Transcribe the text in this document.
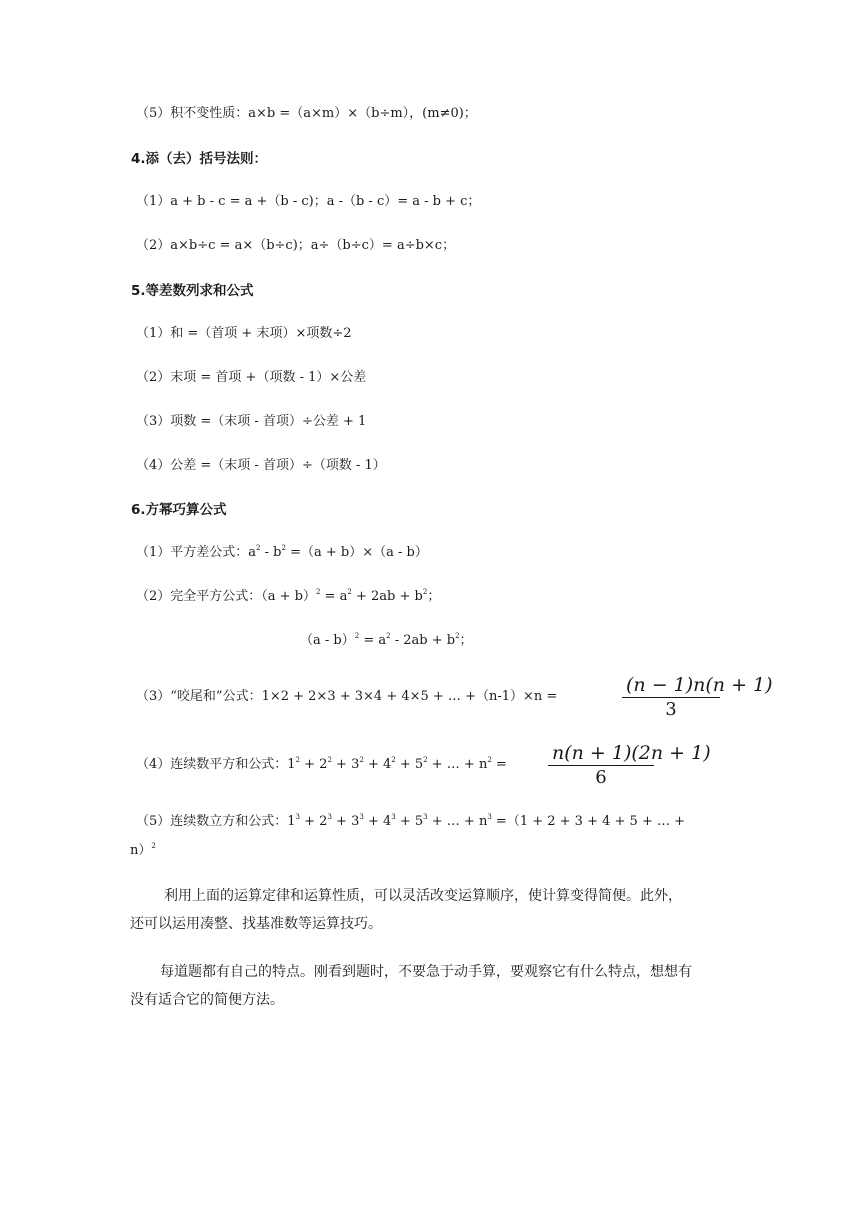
（5）积不变性质：a×b =（a×m）×（b÷m），(m≠0)；
4.添（去）括号法则：
（1）a + b - c = a +（b - c)；a -（b - c）= a - b + c；
（2）a×b÷c = a×（b÷c)；a÷（b÷c）= a÷b×c；
5.等差数列求和公式
（1）和 =（首项 + 末项）×项数÷2
（2）末项 = 首项 +（项数 - 1）×公差
（3）项数 =（末项 - 首项）÷公差 + 1
（4）公差 =（末项 - 首项）÷（项数 - 1）
6.方幂巧算公式
（1）平方差公式：$a^2 - b^2 =(a + b)\times(a - b)$
（2）完全平方公式：$(a + b)^2 = a^2 + 2ab + b^2$；
$(a - b)^2 = a^2 - 2ab + b^2$；
（3）“咬尾和”公式：1×2 + 2×3 + 3×4 + 4×5 + … +（n-1）×n =
(n − 1)n(n + 1)
3
（4）连续数平方和公式：$1^2 + 2^2 + 3^2 + 4^2 + 5^2$ + … + $n^2$ =
n(n + 1)(2n + 1)
6
（5）连续数立方和公式：$1^3 + 2^3 + 3^3 + 4^3 + 5^3$ + … + $n^3 =(1 + 2 + 3 + 4 + 5$ + … +
n）$^2$
利用上面的运算定律和运算性质，可以灵活改变运算顺序，使计算变得简便。此外，
还可以运用凑整、找基准数等运算技巧。
每道题都有自己的特点。刚看到题时，不要急于动手算，要观察它有什么特点，想想有
没有适合它的简便方法。
